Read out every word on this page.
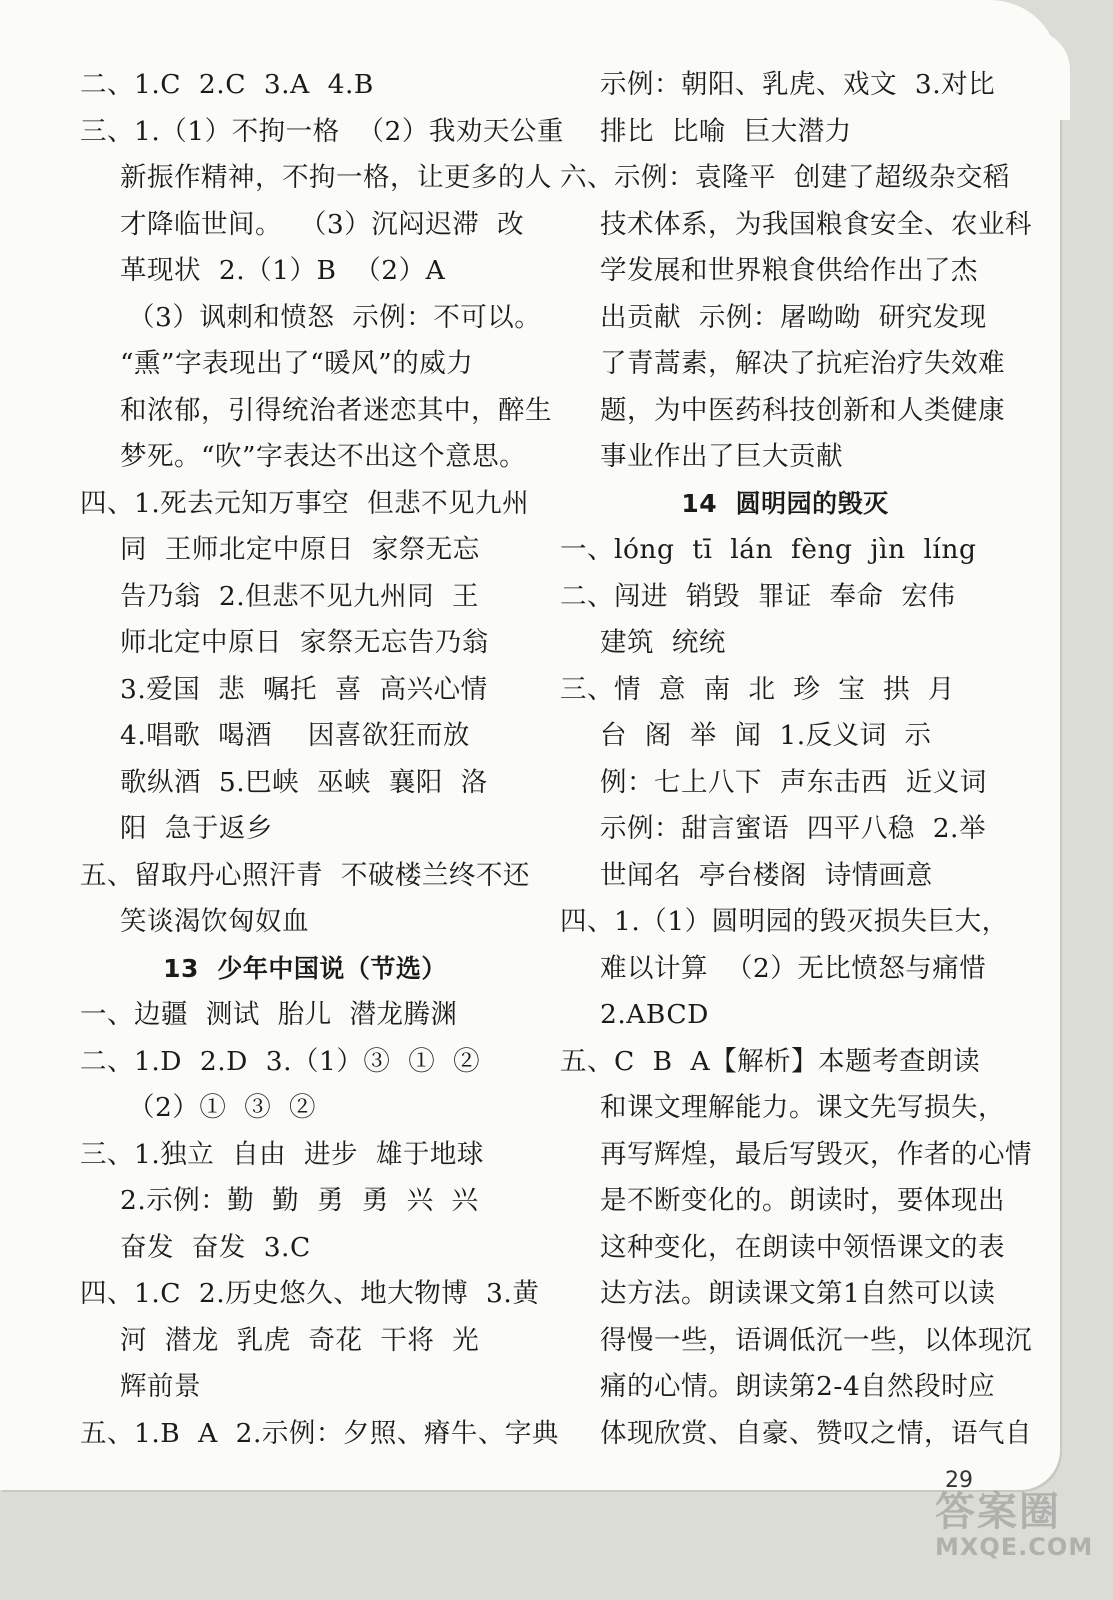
二、1.C  2.C  3.A  4.B
三、1.（1）不拘一格  （2）我劝天公重
新振作精神，不拘一格，让更多的人
才降临世间。  （3）沉闷迟滞  改
革现状  2.（1）B  （2）A
（3）讽刺和愤怒  示例：不可以。
“熏”字表现出了“暖风”的威力
和浓郁，引得统治者迷恋其中，醉生
梦死。“吹”字表达不出这个意思。
四、1.死去元知万事空  但悲不见九州
同  王师北定中原日  家祭无忘
告乃翁  2.但悲不见九州同  王
师北定中原日  家祭无忘告乃翁
3.爱国  悲  嘱托  喜  高兴心情
4.唱歌  喝酒    因喜欲狂而放
歌纵酒  5.巴峡  巫峡  襄阳  洛
阳  急于返乡
五、留取丹心照汗青  不破楼兰终不还
笑谈渴饮匈奴血
13  少年中国说（节选）
一、边疆  测试  胎儿  潜龙腾渊
二、1.D  2.D  3.（1）③  ①  ②
（2）①  ③  ②
三、1.独立  自由  进步  雄于地球
2.示例：勤  勤  勇  勇  兴  兴
奋发  奋发  3.C
四、1.C  2.历史悠久、地大物博  3.黄
河  潜龙  乳虎  奇花  干将  光
辉前景
五、1.B  A  2.示例：夕照、瘠牛、字典
示例：朝阳、乳虎、戏文  3.对比
排比  比喻  巨大潜力
六、示例：袁隆平  创建了超级杂交稻
技术体系，为我国粮食安全、农业科
学发展和世界粮食供给作出了杰
出贡献  示例：屠呦呦  研究发现
了青蒿素，解决了抗疟治疗失效难
题，为中医药科技创新和人类健康
事业作出了巨大贡献
14  圆明园的毁灭
一、lóng  tī  lán  fèng  jìn  líng
二、闯进  销毁  罪证  奉命  宏伟
建筑  统统
三、情  意  南  北  珍  宝  拱  月
台  阁  举  闻  1.反义词  示
例：七上八下  声东击西  近义词
示例：甜言蜜语  四平八稳  2.举
世闻名  亭台楼阁  诗情画意
四、1.（1）圆明园的毁灭损失巨大，
难以计算  （2）无比愤怒与痛惜
2.ABCD
五、C  B  A【解析】本题考查朗读
和课文理解能力。课文先写损失，
再写辉煌，最后写毁灭，作者的心情
是不断变化的。朗读时，要体现出
这种变化，在朗读中领悟课文的表
达方法。朗读课文第1自然可以读
得慢一些，语调低沉一些，以体现沉
痛的心情。朗读第2-4自然段时应
体现欣赏、自豪、赞叹之情，语气自
29
答案圈
MXQE.COM
